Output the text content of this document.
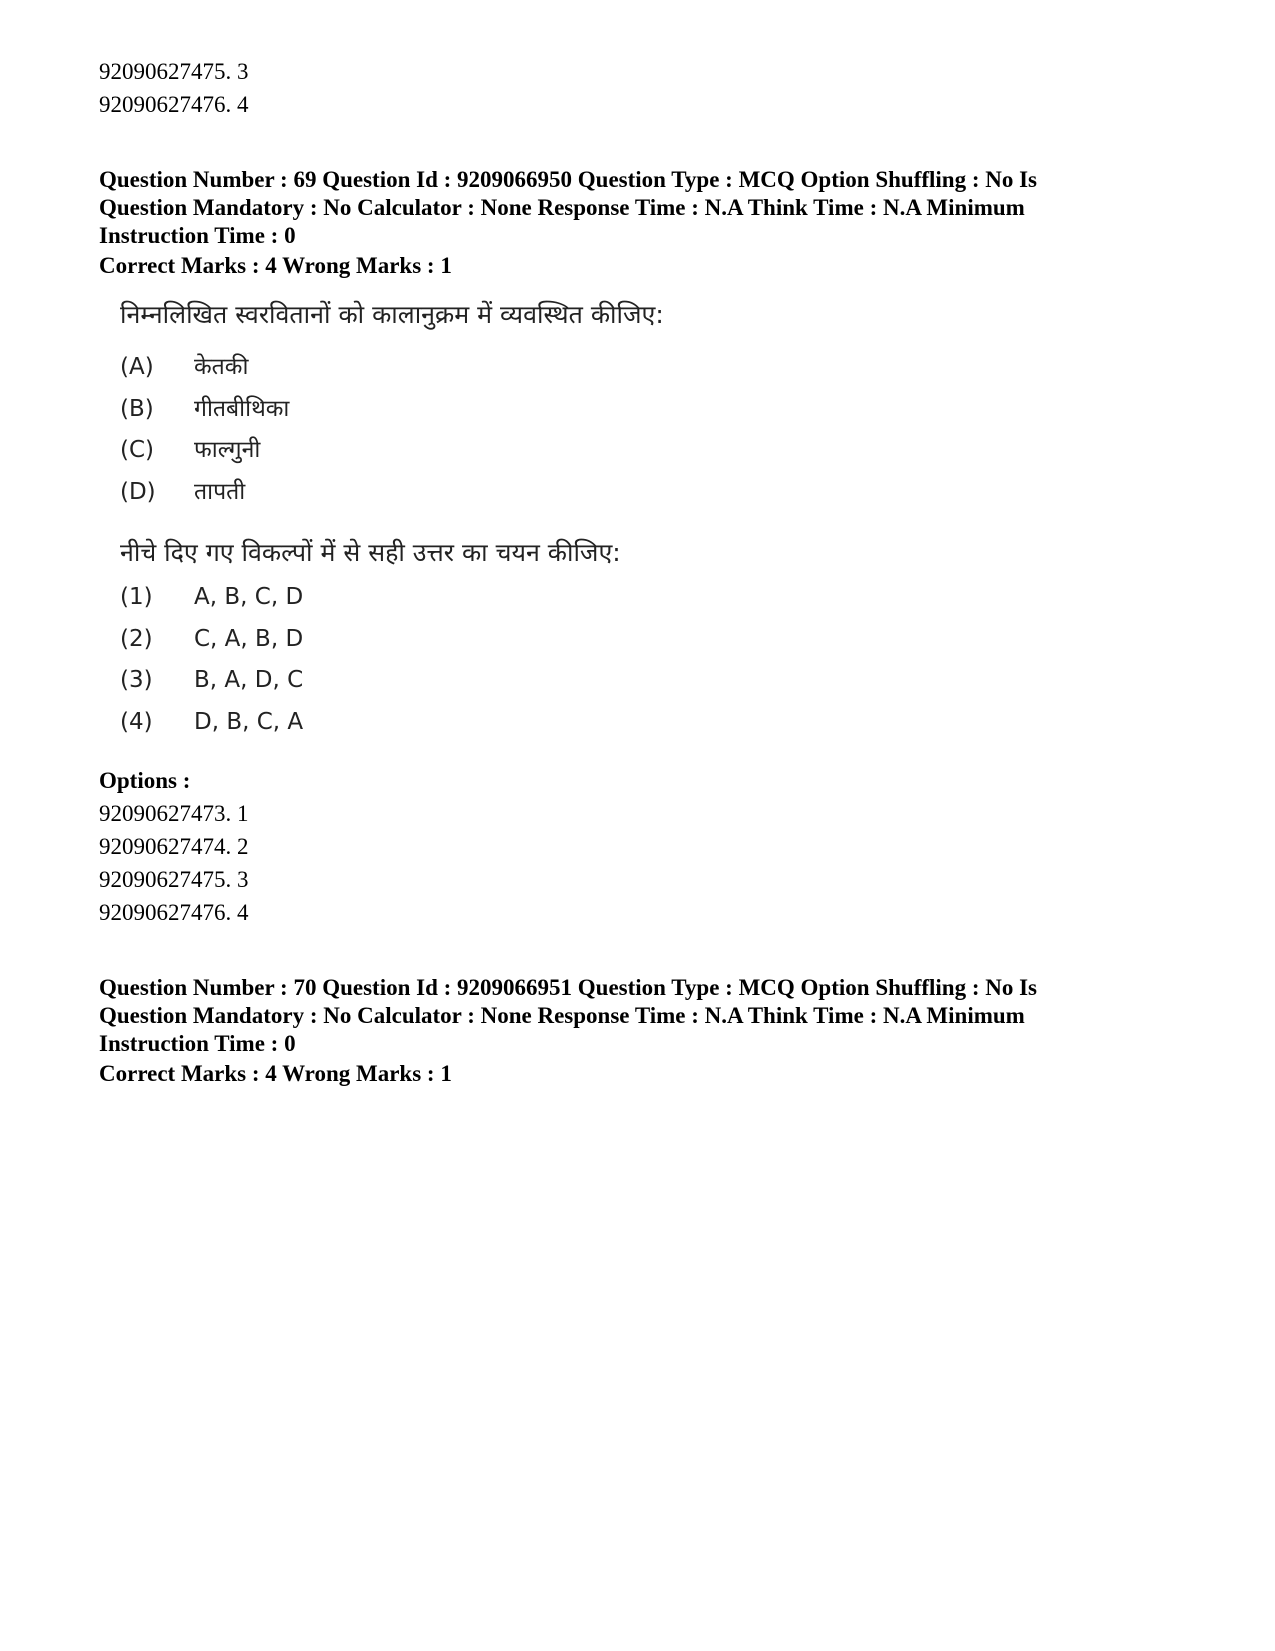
92090627475. 3
92090627476. 4
Question Number : 69 Question Id : 9209066950 Question Type : MCQ Option Shuffling : No Is
Question Mandatory : No Calculator : None Response Time : N.A Think Time : N.A Minimum
Instruction Time : 0
Correct Marks : 4 Wrong Marks : 1
निम्नलिखित स्वरवितानों को कालानुक्रम में व्यवस्थित कीजिए:
(A) केतकी
(B) गीतबीथिका
(C) फाल्गुनी
(D) तापती
नीचे दिए गए विकल्पों में से सही उत्तर का चयन कीजिए:
(1) A, B, C, D
(2) C, A, B, D
(3) B, A, D, C
(4) D, B, C, A
Options :
92090627473. 1
92090627474. 2
92090627475. 3
92090627476. 4
Question Number : 70 Question Id : 9209066951 Question Type : MCQ Option Shuffling : No Is
Question Mandatory : No Calculator : None Response Time : N.A Think Time : N.A Minimum
Instruction Time : 0
Correct Marks : 4 Wrong Marks : 1
